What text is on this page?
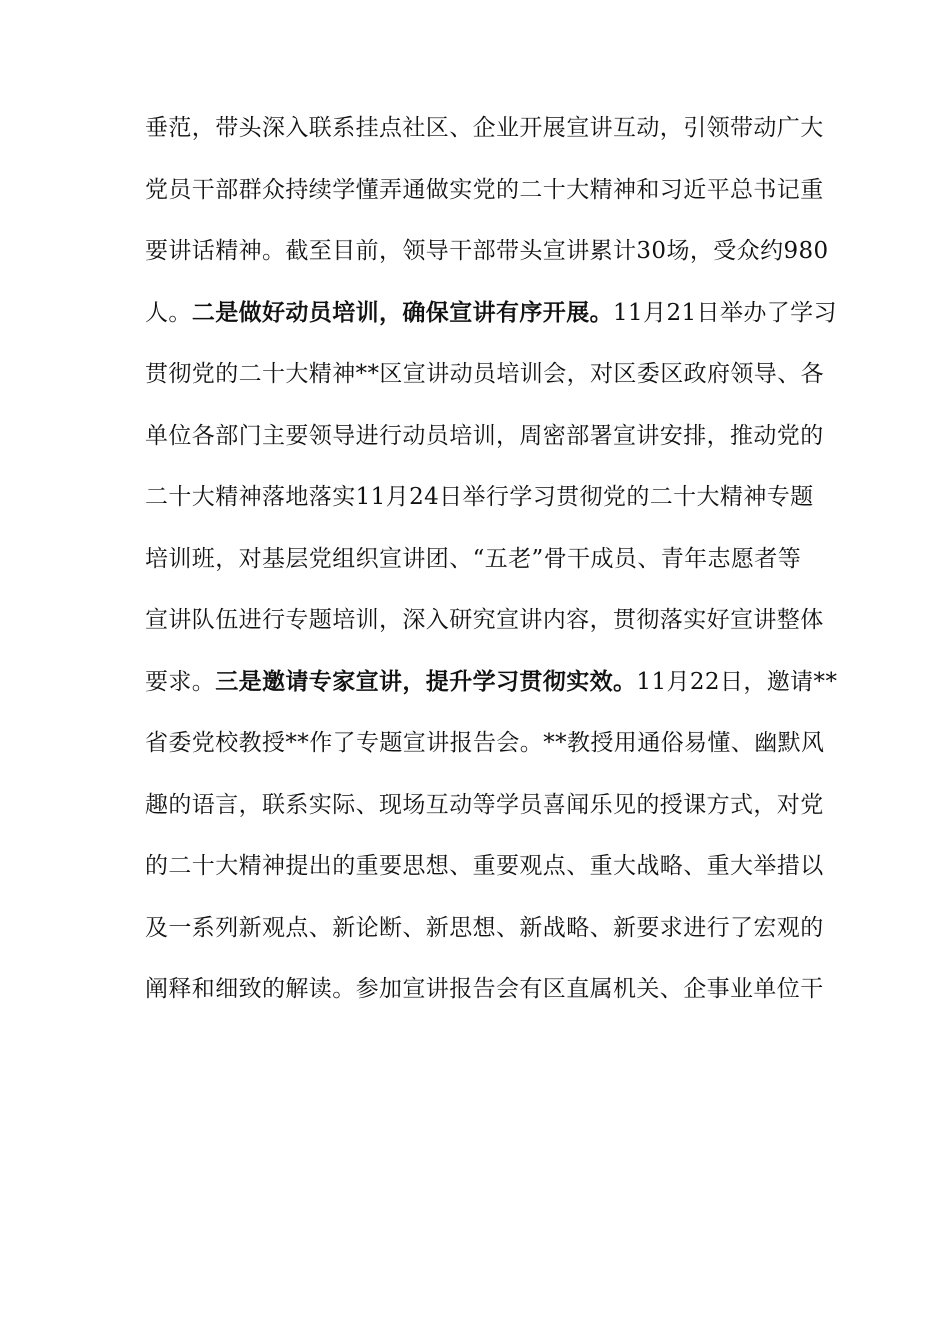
垂范，带头深入联系挂点社区、企业开展宣讲互动，引领带动广大
党员干部群众持续学懂弄通做实党的二十大精神和习近平总书记重
要讲话精神。截至目前，领导干部带头宣讲累计30场，受众约980
人。二是做好动员培训，确保宣讲有序开展。11月21日举办了学习
贯彻党的二十大精神**区宣讲动员培训会，对区委区政府领导、各
单位各部门主要领导进行动员培训，周密部署宣讲安排，推动党的
二十大精神落地落实11月24日举行学习贯彻党的二十大精神专题
培训班，对基层党组织宣讲团、“五老”骨干成员、青年志愿者等
宣讲队伍进行专题培训，深入研究宣讲内容，贯彻落实好宣讲整体
要求。三是邀请专家宣讲，提升学习贯彻实效。11月22日，邀请**
省委党校教授**作了专题宣讲报告会。**教授用通俗易懂、幽默风
趣的语言，联系实际、现场互动等学员喜闻乐见的授课方式，对党
的二十大精神提出的重要思想、重要观点、重大战略、重大举措以
及一系列新观点、新论断、新思想、新战略、新要求进行了宏观的
阐释和细致的解读。参加宣讲报告会有区直属机关、企事业单位干
